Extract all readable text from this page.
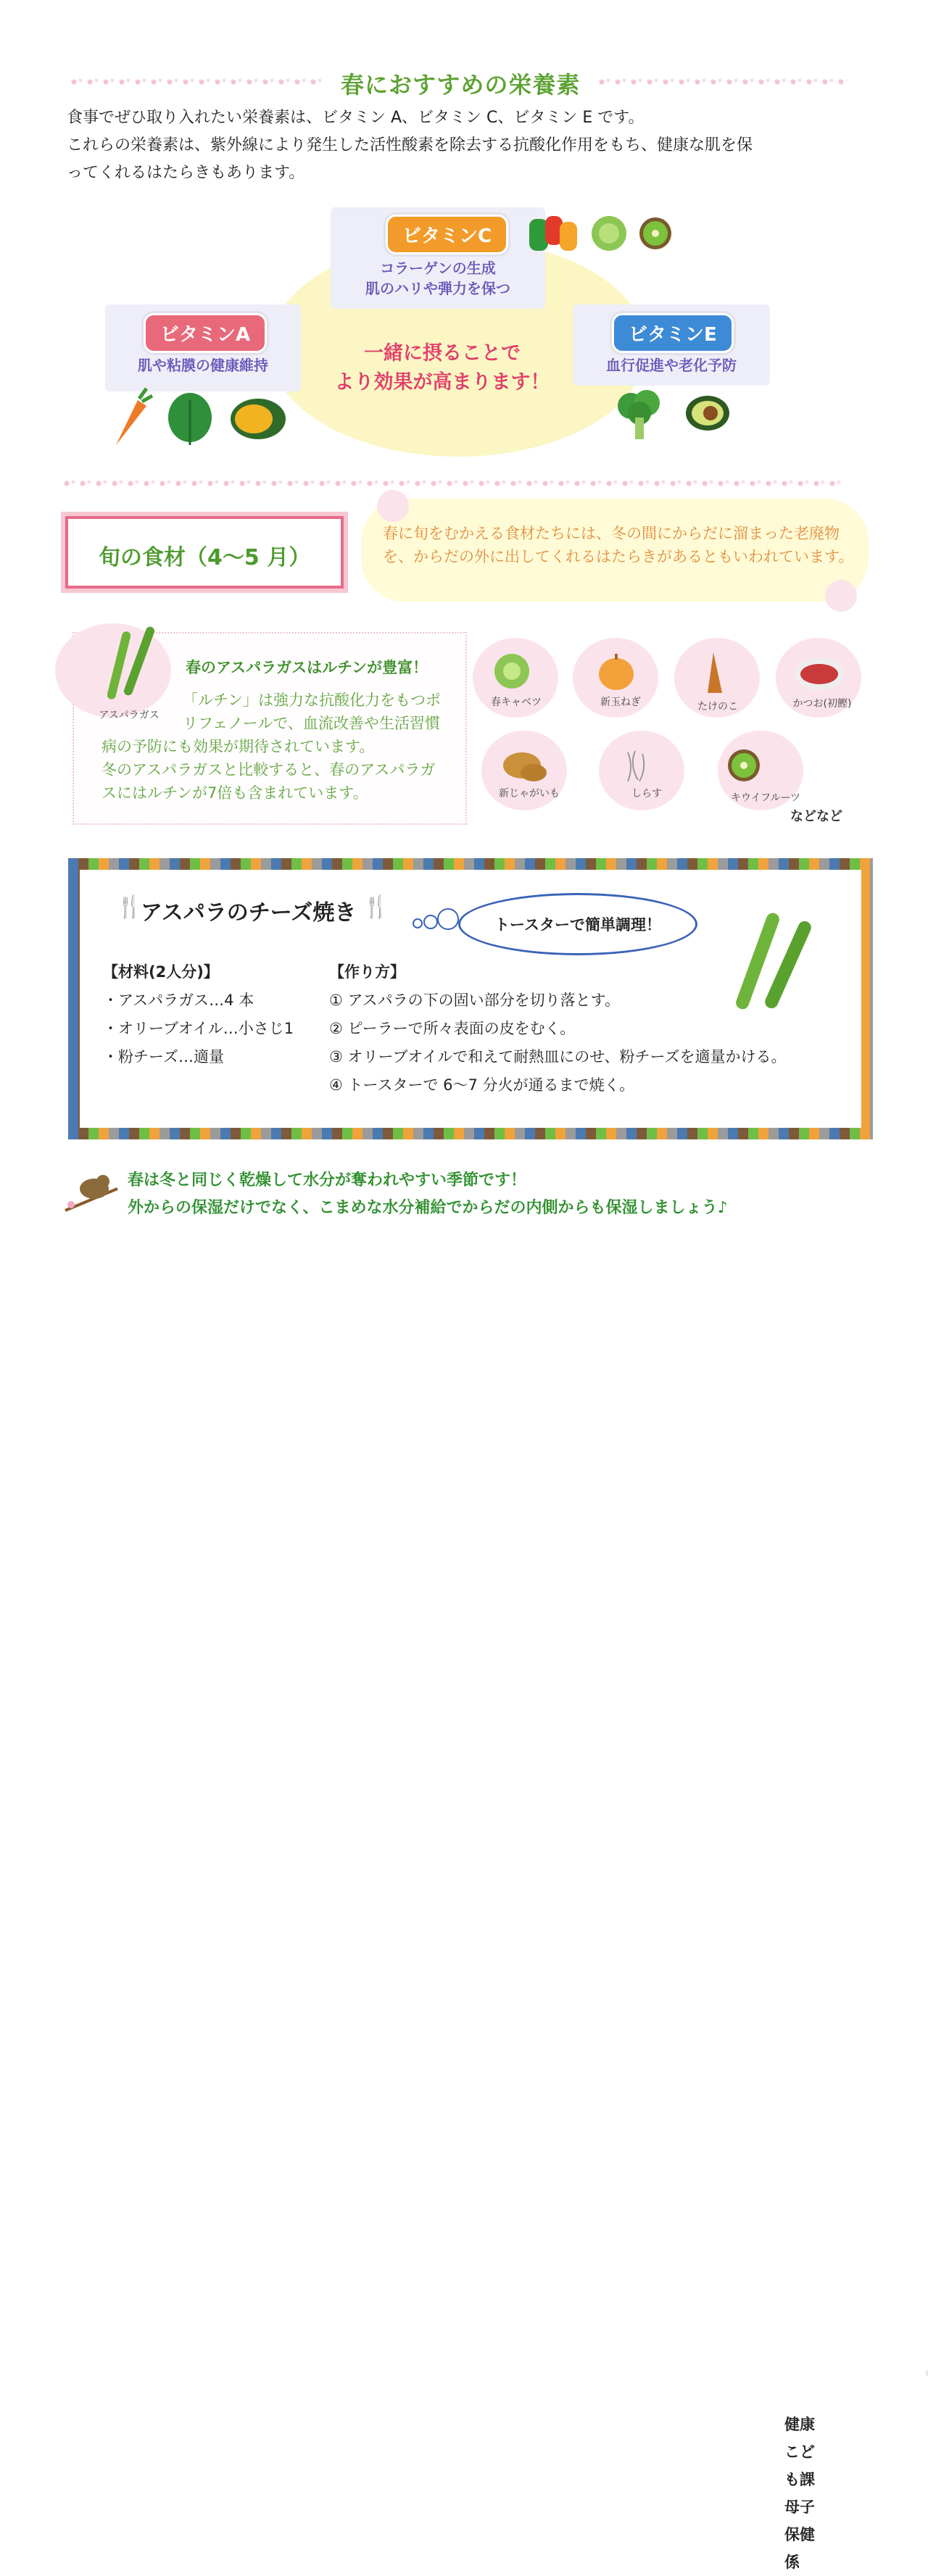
春におすすめの栄養素
食事でぜひ取り入れたい栄養素は、ビタミン A、ビタミン C、ビタミン E です。
これらの栄養素は、紫外線により発生した活性酸素を除去する抗酸化作用をもち、健康な肌を保
ってくれるはたらきもあります。
ビタミンC
コラーゲンの生成
肌のハリや弾力を保つ
ビタミンA
肌や粘膜の健康維持
ビタミンE
血行促進や老化予防
一緒に摂ることで
より効果が高まります！
春に旬をむかえる食材たちには、冬の間にからだに溜まった老廃物を、からだの外に出してくれるはたらきがあるともいわれています。
旬の食材（4～5 月）
アスパラガス
春のアスパラガスはルチンが豊富！
「ルチン」は強力な抗酸化力をもつポ
リフェノールで、血流改善や生活習慣
病の予防にも効果が期待されています。
冬のアスパラガスと比較すると、春のアスパラガ
スにはルチンが7倍も含まれています。
春キャベツ	新玉ねぎ	たけのこ	かつお(初鰹)
新じゃがいも	しらす	キウイフルーツ
などなど
🍴
アスパラのチーズ焼き 🍴
トースターで簡単調理！
【材料(2人分)】
・アスパラガス…4 本
・オリーブオイル…小さじ1
・粉チーズ…適量
【作り方】
① アスパラの下の固い部分を切り落とす。
② ピーラーで所々表面の皮をむく。
③ オリーブオイルで和えて耐熱皿にのせ、粉チーズを適量かける。
④ トースターで 6～7 分火が通るまで焼く。
春は冬と同じく乾燥して水分が奪われやすい季節です！
外からの保湿だけでなく、こまめな水分補給でからだの内側からも保湿しましょう♪
健康こども課　母子保健係
